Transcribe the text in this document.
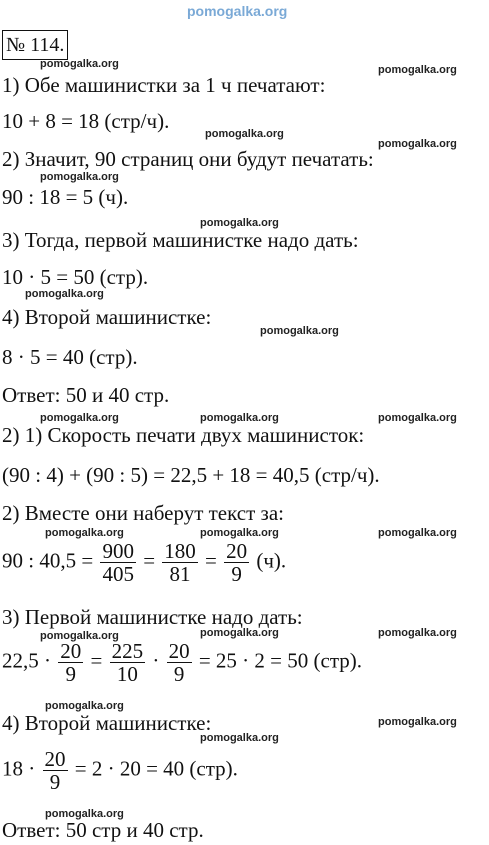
pomogalka.org
№ 114.
pomogalka.org
pomogalka.org
pomogalka.org
pomogalka.org
pomogalka.org
pomogalka.org
pomogalka.org
pomogalka.org
pomogalka.org	pomogalka.org	pomogalka.org
pomogalka.org	pomogalka.org	pomogalka.org
pomogalka.org	pomogalka.org	pomogalka.org
pomogalka.org
pomogalka.org
pomogalka.org
pomogalka.org
1) Обе машинистки за 1 ч печатают:
10 + 8 = 18 (стр/ч).
2) Значит, 90 страниц они будут печатать:
90 : 18 = 5 (ч).
3) Тогда, первой машинистке надо дать:
10 · 5 = 50 (стр).
4) Второй машинистке:
8 · 5 = 40 (стр).
Ответ: 50 и 40 стр.
2) 1) Скорость печати двух машинисток:
(90 : 4) + (90 : 5) = 22,5 + 18 = 40,5 (стр/ч).
2) Вместе они наберут текст за:
90 : $40,5 = \frac{900}{405} = \frac{180}{81} = \frac{20}{9} (ч)$.
3) Первой машинистке надо дать:
$22,5 \cdot \frac{20}{9} = \frac{225}{10} \cdot \frac{20}{9} = 25 \cdot 2 = 50$ (стр).
4) Второй машинистке:
$18 \cdot \frac{20}{9} = 2 \cdot 20 = 40$ (стр).
Ответ: 50 стр и 40 стр.
